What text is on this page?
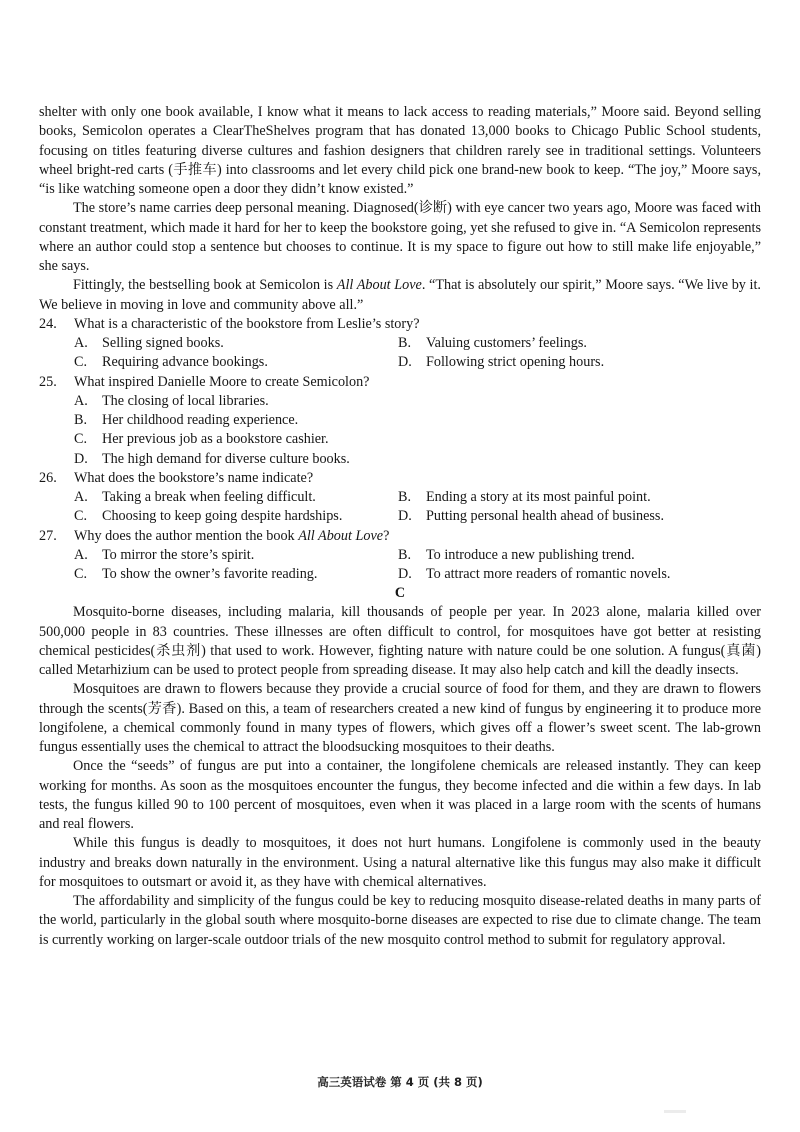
shelter with only one book available, I know what it means to lack access to reading materials,” Moore said. Beyond selling books, Semicolon operates a ClearTheShelves program that has donated 13,000 books to Chicago Public School students, focusing on titles featuring diverse cultures and fashion designers that children rarely see in traditional settings. Volunteers wheel bright-red carts (手推车) into classrooms and let every child pick one brand-new book to keep. “The joy,” Moore says, “is like watching someone open a door they didn’t know existed.”

The store’s name carries deep personal meaning. Diagnosed(诊断) with eye cancer two years ago, Moore was faced with constant treatment, which made it hard for her to keep the bookstore going, yet she refused to give in. “A Semicolon represents where an author could stop a sentence but chooses to continue. It is my space to figure out how to still make life enjoyable,” she says.

Fittingly, the bestselling book at Semicolon is All About Love. “That is absolutely our spirit,” Moore says. “We live by it. We believe in moving in love and community above all.”

24.	What is a characteristic of the bookstore from Leslie’s story?
A. Selling signed books.	B. Valuing customers’ feelings.
C. Requiring advance bookings.	D. Following strict opening hours.
25.	What inspired Danielle Moore to create Semicolon?
A. The closing of local libraries.
B. Her childhood reading experience.
C. Her previous job as a bookstore cashier.
D. The high demand for diverse culture books.
26.	What does the bookstore’s name indicate?
A. Taking a break when feeling difficult.	B. Ending a story at its most painful point.
C. Choosing to keep going despite hardships.	D. Putting personal health ahead of business.
27.	Why does the author mention the book All About Love?
A. To mirror the store’s spirit.	B. To introduce a new publishing trend.
C. To show the owner’s favorite reading.	D. To attract more readers of romantic novels.
C

Mosquito-borne diseases, including malaria, kill thousands of people per year. In 2023 alone, malaria killed over 500,000 people in 83 countries. These illnesses are often difficult to control, for mosquitoes have got better at resisting chemical pesticides(杀虫剂) that used to work. However, fighting nature with nature could be one solution. A fungus(真菌) called Metarhizium can be used to protect people from spreading disease. It may also help catch and kill the deadly insects.

Mosquitoes are drawn to flowers because they provide a crucial source of food for them, and they are drawn to flowers through the scents(芳香). Based on this, a team of researchers created a new kind of fungus by engineering it to produce more longifolene, a chemical commonly found in many types of flowers, which gives off a flower’s sweet scent. The lab-grown fungus essentially uses the chemical to attract the bloodsucking mosquitoes to their deaths.

Once the “seeds” of fungus are put into a container, the longifolene chemicals are released instantly. They can keep working for months. As soon as the mosquitoes encounter the fungus, they become infected and die within a few days. In lab tests, the fungus killed 90 to 100 percent of mosquitoes, even when it was placed in a large room with the scents of humans and real flowers.

While this fungus is deadly to mosquitoes, it does not hurt humans. Longifolene is commonly used in the beauty industry and breaks down naturally in the environment. Using a natural alternative like this fungus may also make it difficult for mosquitoes to outsmart or avoid it, as they have with chemical alternatives.

The affordability and simplicity of the fungus could be key to reducing mosquito disease-related deaths in many parts of the world, particularly in the global south where mosquito-borne diseases are expected to rise due to climate change. The team is currently working on larger-scale outdoor trials of the new mosquito control method to submit for regulatory approval.

高三英语试卷 第 4 页 (共 8 页)
